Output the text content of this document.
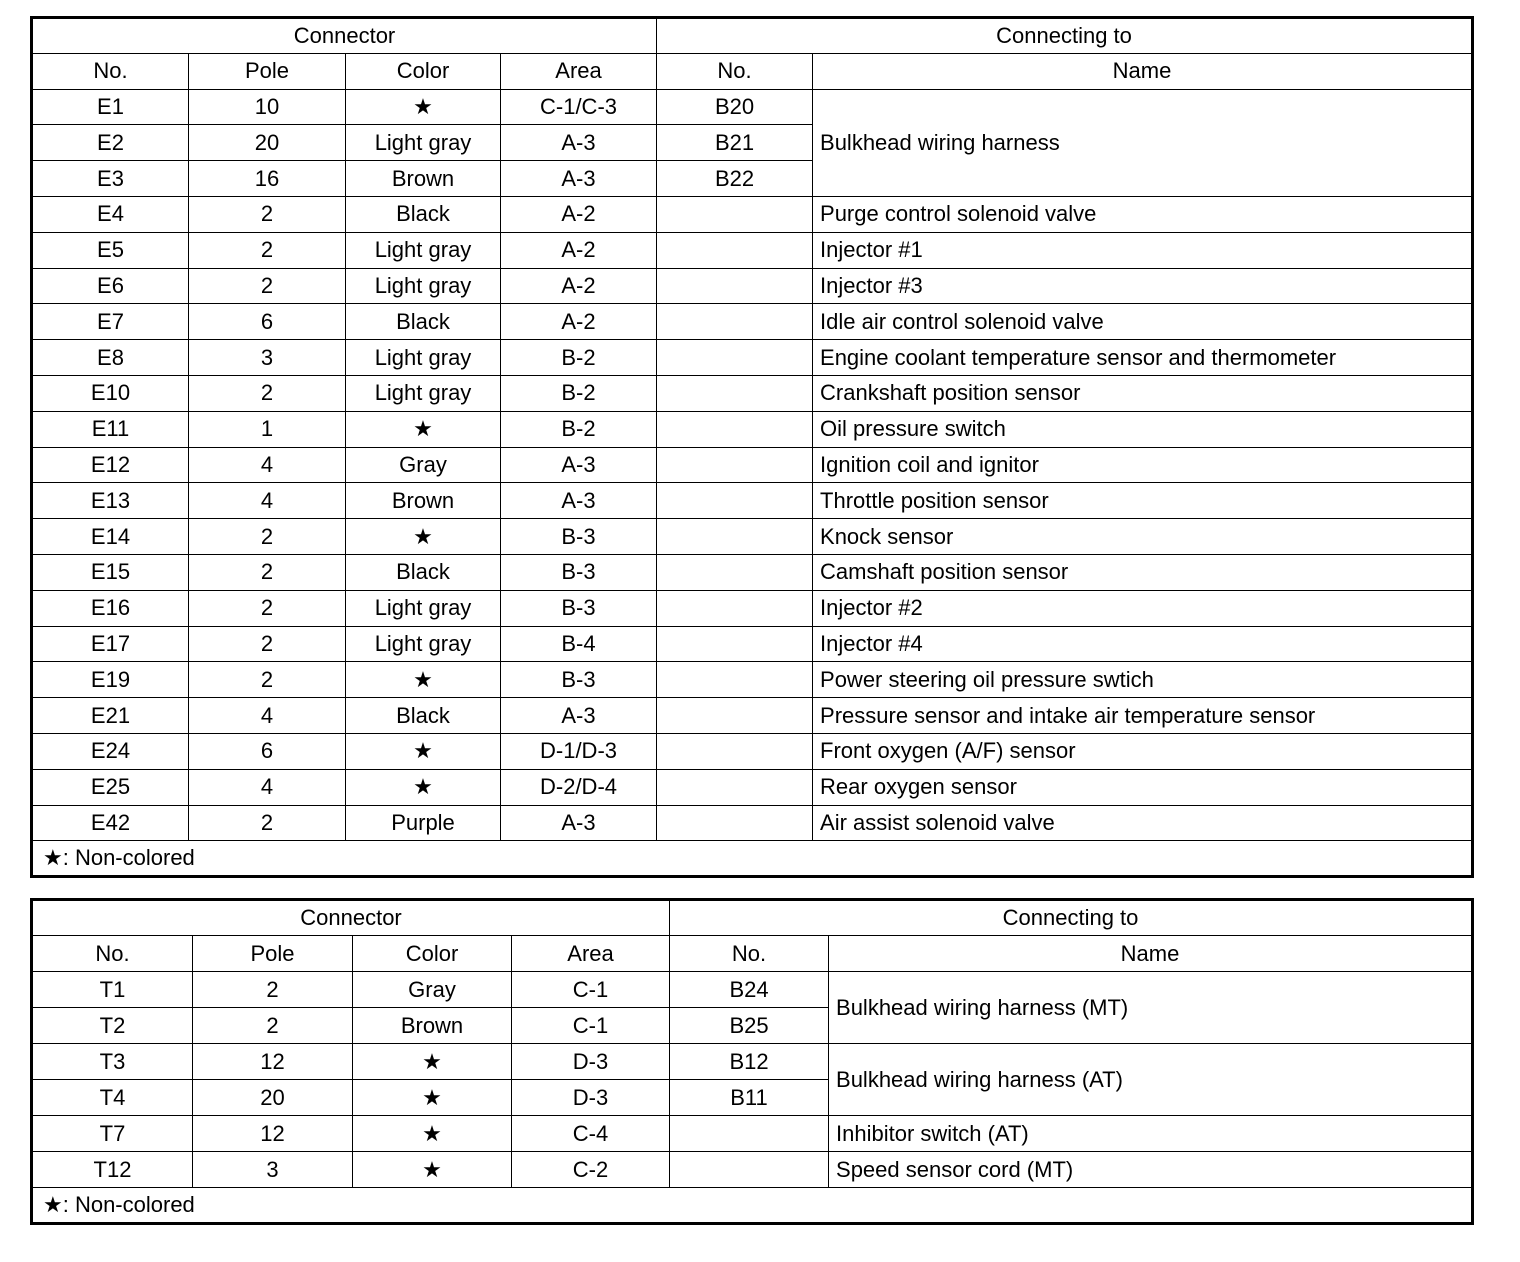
Connector				Connecting to	
No.	Pole	Color	Area	No.	Name
E1	10	★	C-1/C-3	B20	Bulkhead wiring harness
E2	20	Light gray	A-3	B21	
E3	16	Brown	A-3	B22	
E4	2	Black	A-2		Purge control solenoid valve
E5	2	Light gray	A-2		Injector #1
E6	2	Light gray	A-2		Injector #3
E7	6	Black	A-2		Idle air control solenoid valve
E8	3	Light gray	B-2		Engine coolant temperature sensor and thermometer
E10	2	Light gray	B-2		Crankshaft position sensor
E11	1	★	B-2		Oil pressure switch
E12	4	Gray	A-3		Ignition coil and ignitor
E13	4	Brown	A-3		Throttle position sensor
E14	2	★	B-3		Knock sensor
E15	2	Black	B-3		Camshaft position sensor
E16	2	Light gray	B-3		Injector #2
E17	2	Light gray	B-4		Injector #4
E19	2	★	B-3		Power steering oil pressure swtich
E21	4	Black	A-3		Pressure sensor and intake air temperature sensor
E24	6	★	D-1/D-3		Front oxygen (A/F) sensor
E25	4	★	D-2/D-4		Rear oxygen sensor
E42	2	Purple	A-3		Air assist solenoid valve
★: Non-colored					
Connector				Connecting to	
No.	Pole	Color	Area	No.	Name
T1	2	Gray	C-1	B24	Bulkhead wiring harness (MT)
T2	2	Brown	C-1	B25	
T3	12	★	D-3	B12	Bulkhead wiring harness (AT)
T4	20	★	D-3	B11	
T7	12	★	C-4		Inhibitor switch (AT)
T12	3	★	C-2		Speed sensor cord (MT)
★: Non-colored					
